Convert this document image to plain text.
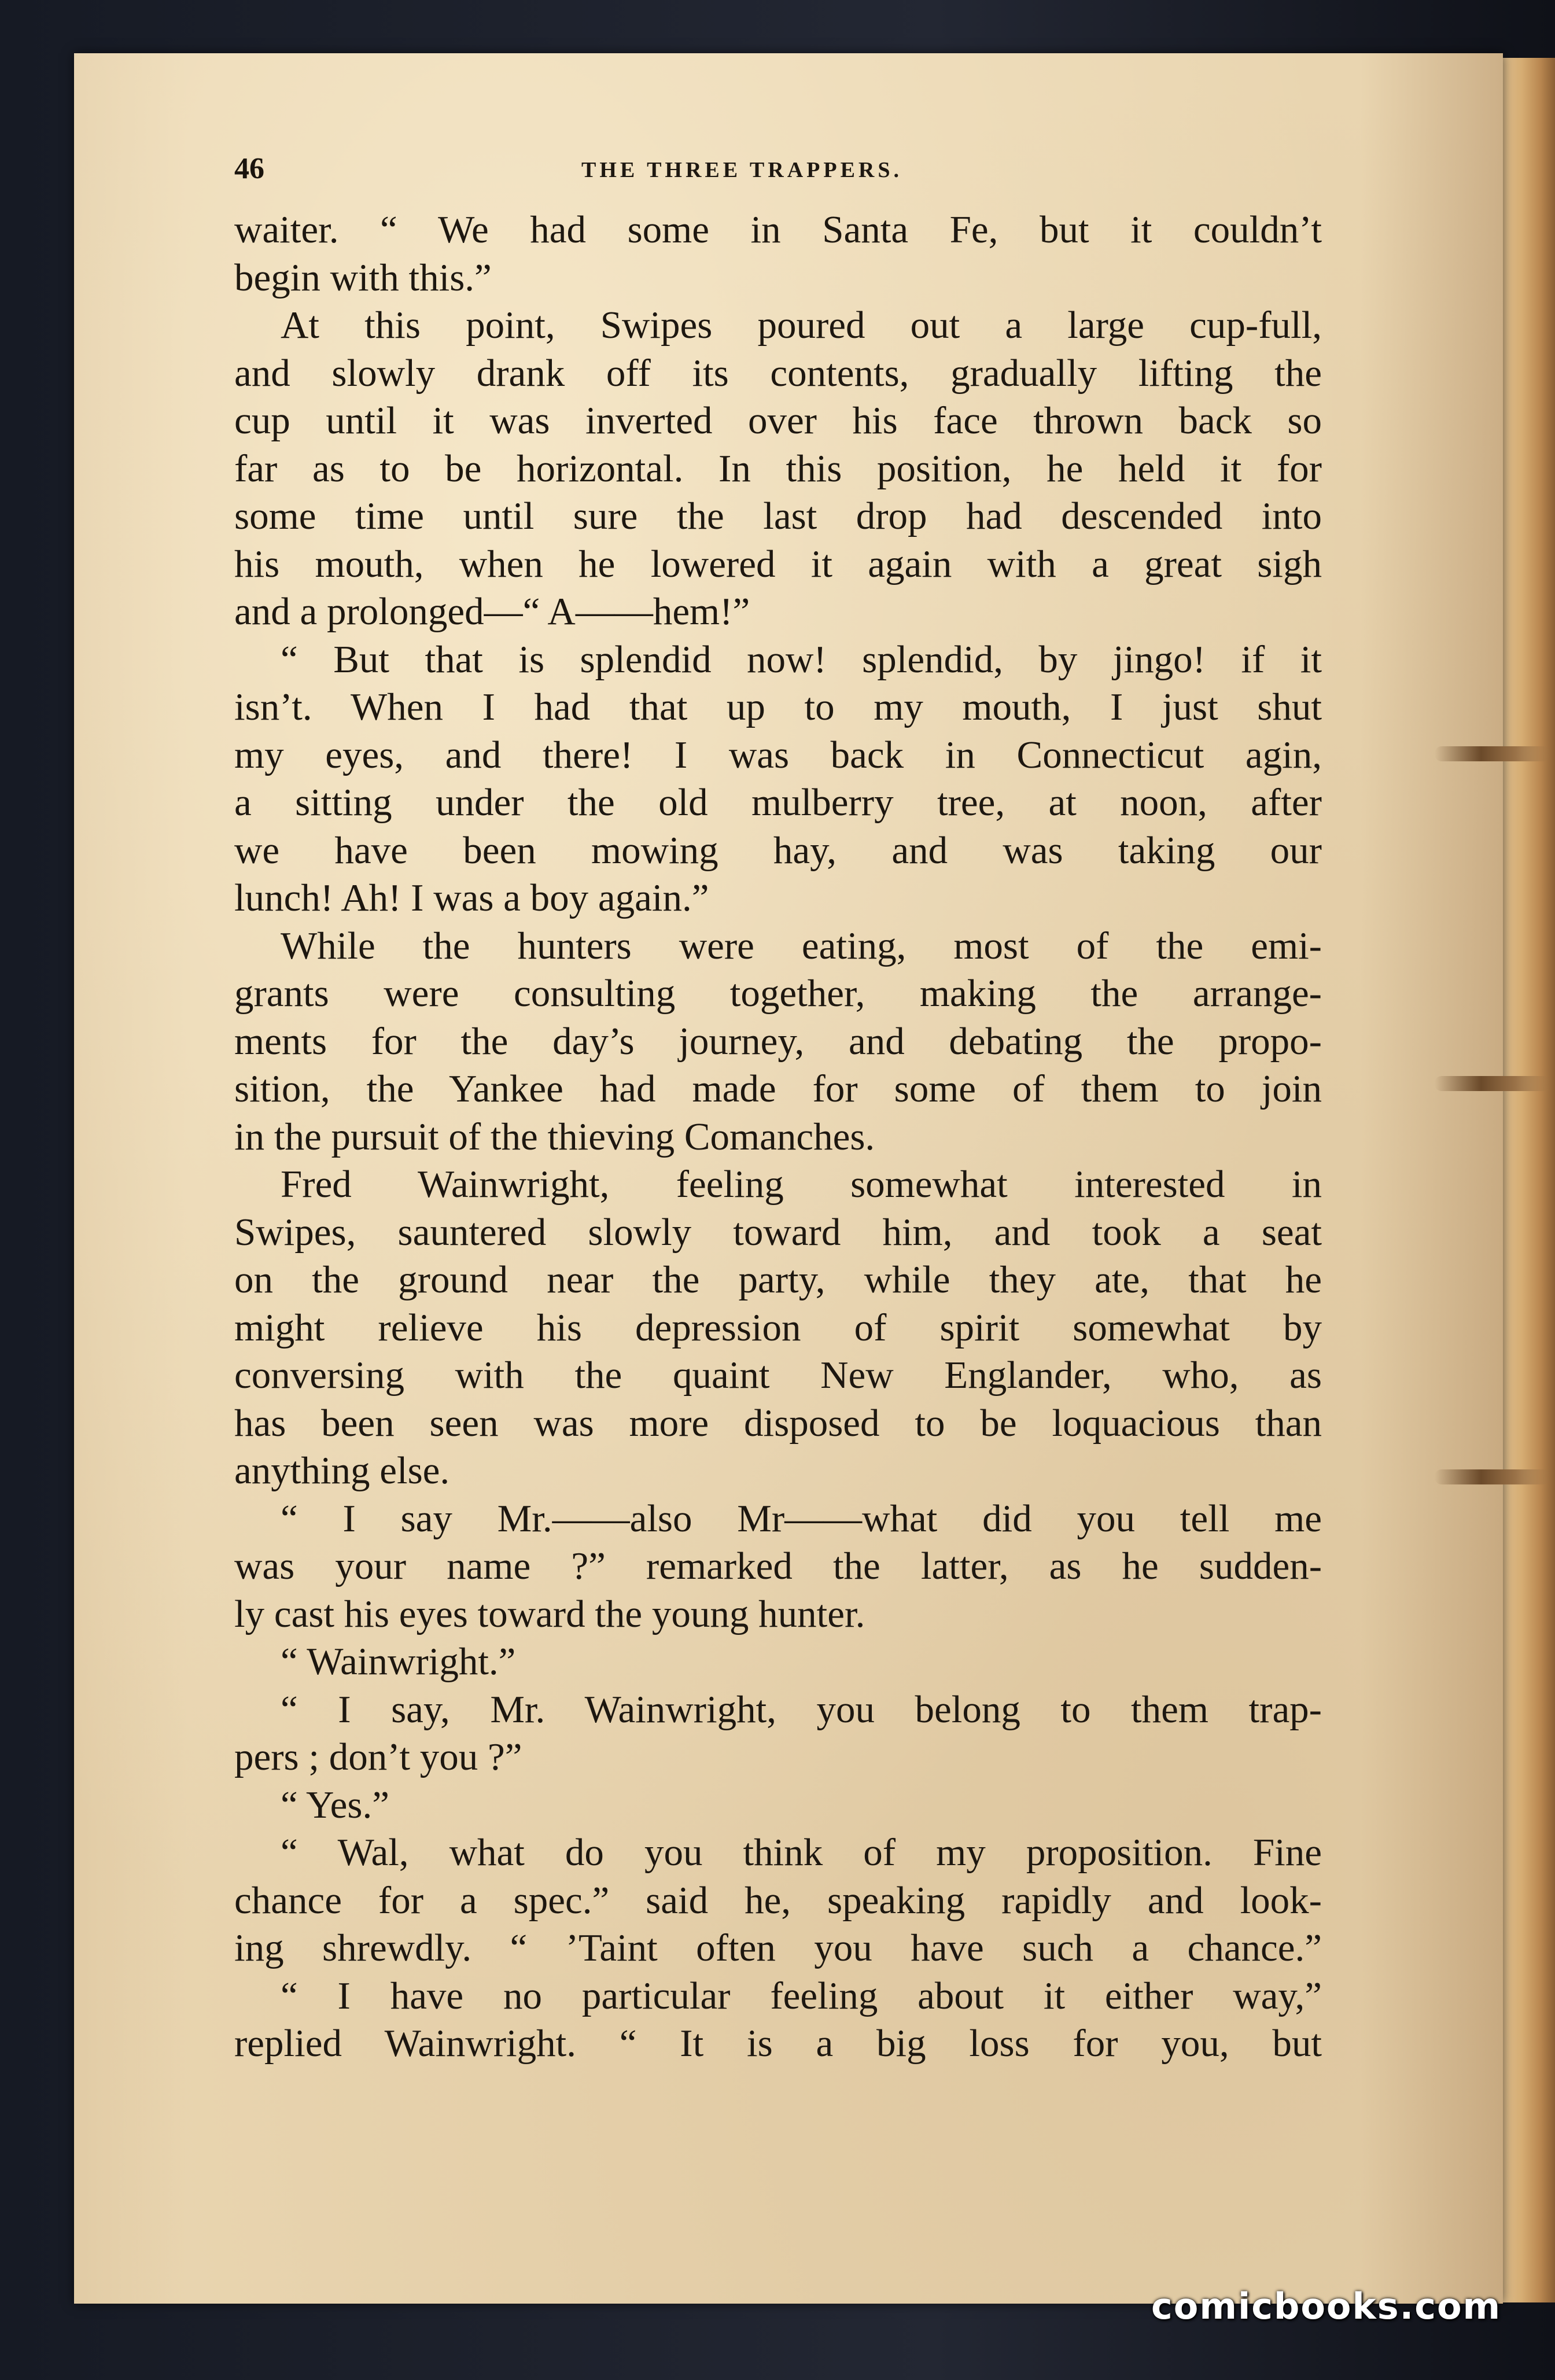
46	THE THREE TRAPPERS.
waiter. “ We had some in Santa Fe, but it couldn’t
begin with this.”
At this point, Swipes poured out a large cup-full,
and slowly drank off its contents, gradually lifting the
cup until it was inverted over his face thrown back so
far as to be horizontal. In this position, he held it for
some time until sure the last drop had descended into
his mouth, when he lowered it again with a great sigh
and a prolonged—“ A——hem!”
“ But that is splendid now! splendid, by jingo! if it
isn’t. When I had that up to my mouth, I just shut
my eyes, and there! I was back in Connecticut agin,
a sitting under the old mulberry tree, at noon, after
we have been mowing hay, and was taking our
lunch! Ah! I was a boy again.”
While the hunters were eating, most of the emi-
grants were consulting together, making the arrange-
ments for the day’s journey, and debating the propo-
sition, the Yankee had made for some of them to join
in the pursuit of the thieving Comanches.
Fred Wainwright, feeling somewhat interested in
Swipes, sauntered slowly toward him, and took a seat
on the ground near the party, while they ate, that he
might relieve his depression of spirit somewhat by
conversing with the quaint New Englander, who, as
has been seen was more disposed to be loquacious than
anything else.
“ I say Mr.——also Mr——what did you tell me
was your name ?” remarked the latter, as he sudden-
ly cast his eyes toward the young hunter.
“ Wainwright.”
“ I say, Mr. Wainwright, you belong to them trap-
pers ; don’t you ?”
“ Yes.”
“ Wal, what do you think of my proposition. Fine
chance for a spec.” said he, speaking rapidly and look-
ing shrewdly. “ ’Taint often you have such a chance.”
“ I have no particular feeling about it either way,”
replied Wainwright. “ It is a big loss for you, but
comicbooks.com
